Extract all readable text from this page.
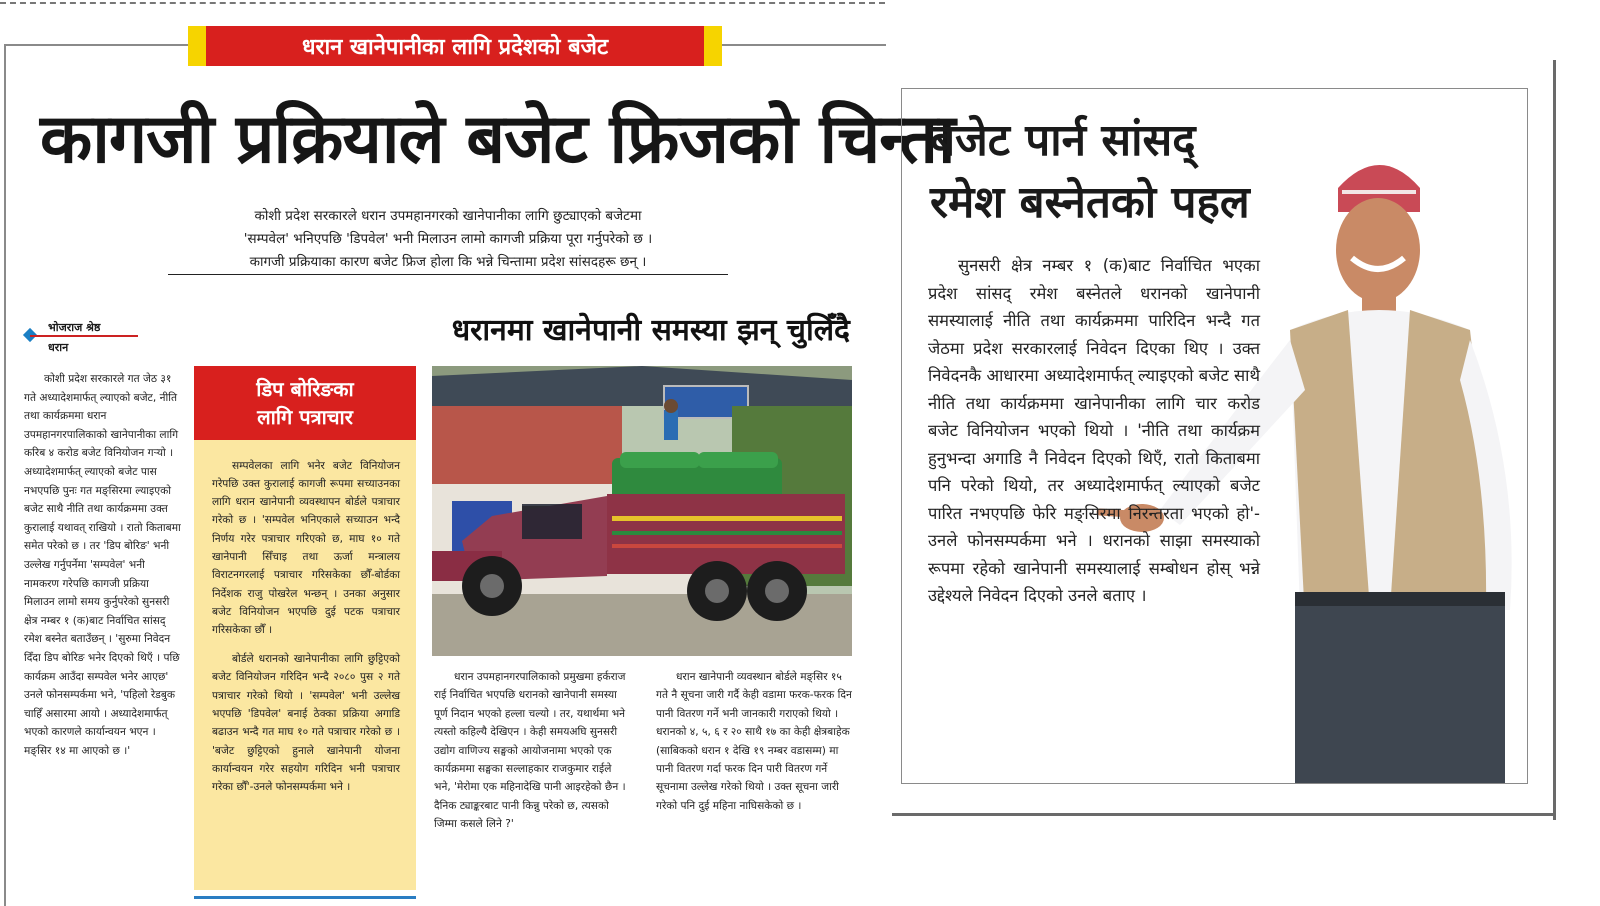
धरान खानेपानीका लागि प्रदेशको बजेट
कागजी प्रक्रियाले बजेट फ्रिजको चिन्ता
कोशी प्रदेश सरकारले धरान उपमहानगरको खानेपानीका लागि छुट्याएको बजेटमा
'सम्पवेल' भनिएपछि 'डिपवेल' भनी मिलाउन लामो कागजी प्रक्रिया पूरा गर्नुपरेको छ ।
कागजी प्रक्रियाका कारण बजेट फ्रिज होला कि भन्ने चिन्तामा प्रदेश सांसदहरू छन् ।
भोजराज श्रेष्ठ
धरान	धरानमा खानेपानी समस्या झन् चुलिँदै

कोशी प्रदेश सरकारले गत जेठ ३१ गते अध्यादेशमार्फत् ल्याएको बजेट, नीति तथा कार्यक्रममा धरान उपमहानगरपालिकाको खानेपानीका लागि करिब ४ करोड बजेट विनियोजन गर्‍यो । अध्यादेशमार्फत् ल्याएको बजेट पास नभएपछि पुनः गत मङ्सिरमा ल्याइएको बजेट साथै नीति तथा कार्यक्रममा उक्त कुरालाई यथावत् राखियो । रातो किताबमा समेत परेको छ । तर 'डिप बोरिङ' भनी उल्लेख गर्नुपर्नेमा 'सम्पवेल' भनी नामकरण गरेपछि कागजी प्रक्रिया मिलाउन लामो समय कुर्नुपरेको सुनसरी क्षेत्र नम्बर १ (क)बाट निर्वाचित सांसद् रमेश बस्नेत बताउँछन् । 'सुरुमा निवेदन दिँदा डिप बोरिङ भनेर दिएको थिएँ । पछि कार्यक्रम आउँदा सम्पवेल भनेर आएछ' उनले फोनसम्पर्कमा भने, 'पहिलो रेडबुक चाहिँ असारमा आयो । अध्यादेशमार्फत् भएको कारणले कार्यान्वयन भएन । मङ्सिर १४ मा आएको छ ।'

डिप बोरिङका
लागि पत्राचार

सम्पवेलका लागि भनेर बजेट विनियोजन गरेपछि उक्त कुरालाई कागजी रूपमा सच्याउनका लागि धरान खानेपानी व्यवस्थापन बोर्डले पत्राचार गरेको छ । 'सम्पवेल भनिएकाले सच्याउन भन्दै निर्णय गरेर पत्राचार गरिएको छ, माघ १० गते खानेपानी सिँचाइ तथा ऊर्जा मन्त्रालय विराटनगरलाई पत्राचार गरिसकेका छौँ-बोर्डका निर्देशक राजु पोखरेल भन्छन् । उनका अनुसार बजेट विनियोजन भएपछि दुई पटक पत्राचार गरिसकेका छौँ ।

बोर्डले धरानको खानेपानीका लागि छुट्टिएको बजेट विनियोजन गरिदिन भन्दै २०८० पुस २ गते पत्राचार गरेको थियो । 'सम्पवेल' भनी उल्लेख भएपछि 'डिपवेल' बनाई ठेक्का प्रक्रिया अगाडि बढाउन भन्दै गत माघ १० गते पत्राचार गरेको छ । 'बजेट छुट्टिएको हुनाले खानेपानी योजना कार्यान्वयन गरेर सहयोग गरिदिन भनी पत्राचार गरेका छौँ'-उनले फोनसम्पर्कमा भने ।

धरान उपमहानगरपालिकाको प्रमुखमा हर्कराज राई निर्वाचित भएपछि धरानको खानेपानी समस्या पूर्ण निदान भएको हल्ला चल्यो । तर, यथार्थमा भने त्यस्तो कहिल्यै देखिएन । केही समयअघि सुनसरी उद्योग वाणिज्य सङ्घको आयोजनामा भएको एक कार्यक्रममा सङ्घका सल्लाहकार राजकुमार राईले भने, 'मेरोमा एक महिनादेखि पानी आइरहेको छैन । दैनिक ट्याङ्करबाट पानी किन्नु परेको छ, त्यसको जिम्मा कसले लिने ?'

धरान खानेपानी व्यवस्थान बोर्डले मङ्सिर १५ गते नै सूचना जारी गर्दै केही वडामा फरक-फरक दिन पानी वितरण गर्ने भनी जानकारी गराएको थियो । धरानको ४, ५, ६ र २० साथै १७ का केही क्षेत्रबाहेक (साबिकको धरान १ देखि १९ नम्बर वडासम्म) मा पानी वितरण गर्दा फरक दिन पारी वितरण गर्ने सूचनामा उल्लेख गरेको थियो । उक्त सूचना जारी गरेको पनि दुई महिना नाघिसकेको छ ।

बजेट पार्न सांसद्
रमेश बस्नेतको पहल

सुनसरी क्षेत्र नम्बर १ (क)बाट निर्वाचित भएका प्रदेश सांसद् रमेश बस्नेतले धरानको खानेपानी समस्यालाई नीति तथा कार्यक्रममा पारिदिन भन्दै गत जेठमा प्रदेश सरकारलाई निवेदन दिएका थिए । उक्त निवेदनकै आधारमा अध्यादेशमार्फत् ल्याइएको बजेट साथै नीति तथा कार्यक्रममा खानेपानीका लागि चार करोड बजेट विनियोजन भएको थियो । 'नीति तथा कार्यक्रम हुनुभन्दा अगाडि नै निवेदन दिएको थिएँ, रातो किताबमा पनि परेको थियो, तर अध्यादेशमार्फत् ल्याएको बजेट पारित नभएपछि फेरि मङ्सिरमा निरन्तरता भएको हो'-उनले फोनसम्पर्कमा भने । धरानको साझा समस्याको रूपमा रहेको खानेपानी समस्यालाई सम्बोधन होस् भन्ने उद्देश्यले निवेदन दिएको उनले बताए ।
